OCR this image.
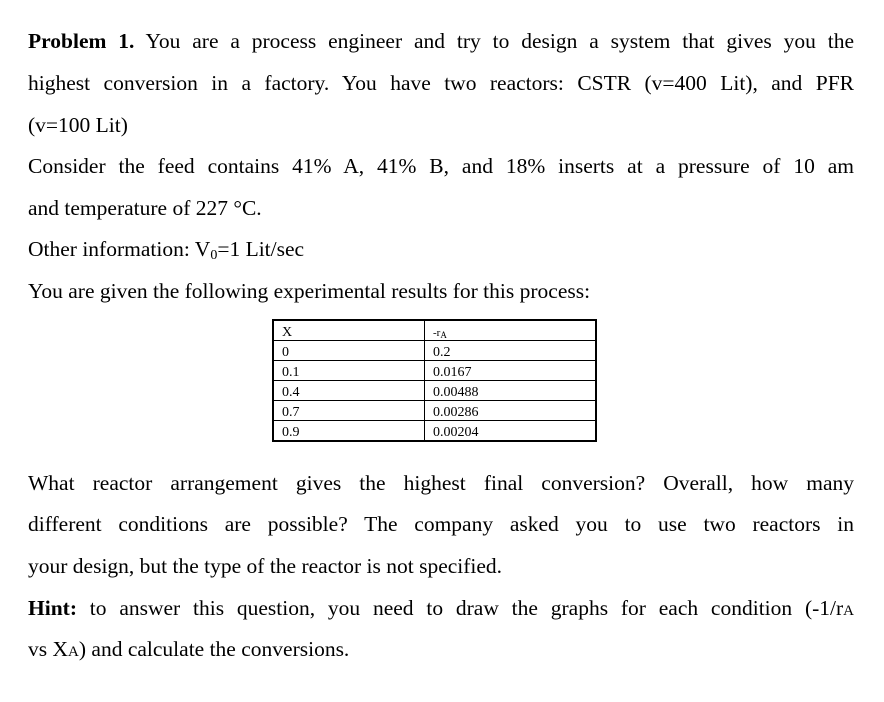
Problem 1. You are a process engineer and try to design a system that gives you the
highest conversion in a factory. You have two reactors: CSTR (v=400 Lit), and PFR
(v=100 Lit)
Consider the feed contains 41% A, 41% B, and 18% inserts at a pressure of 10 am
and temperature of 227 °C.
Other information: $V_0=1$ Lit/sec
You are given the following experimental results for this process:
X	$-r_A$
0	0.2
0.1	0.0167
0.4	0.00488
0.7	0.00286
0.9	0.00204
What reactor arrangement gives the highest final conversion? Overall, how many
different conditions are possible? The company asked you to use two reactors in
your design, but the type of the reactor is not specified.
Hint: to answer this question, you need to draw the graphs for each condition (-1/rA
vs XA) and calculate the conversions.
